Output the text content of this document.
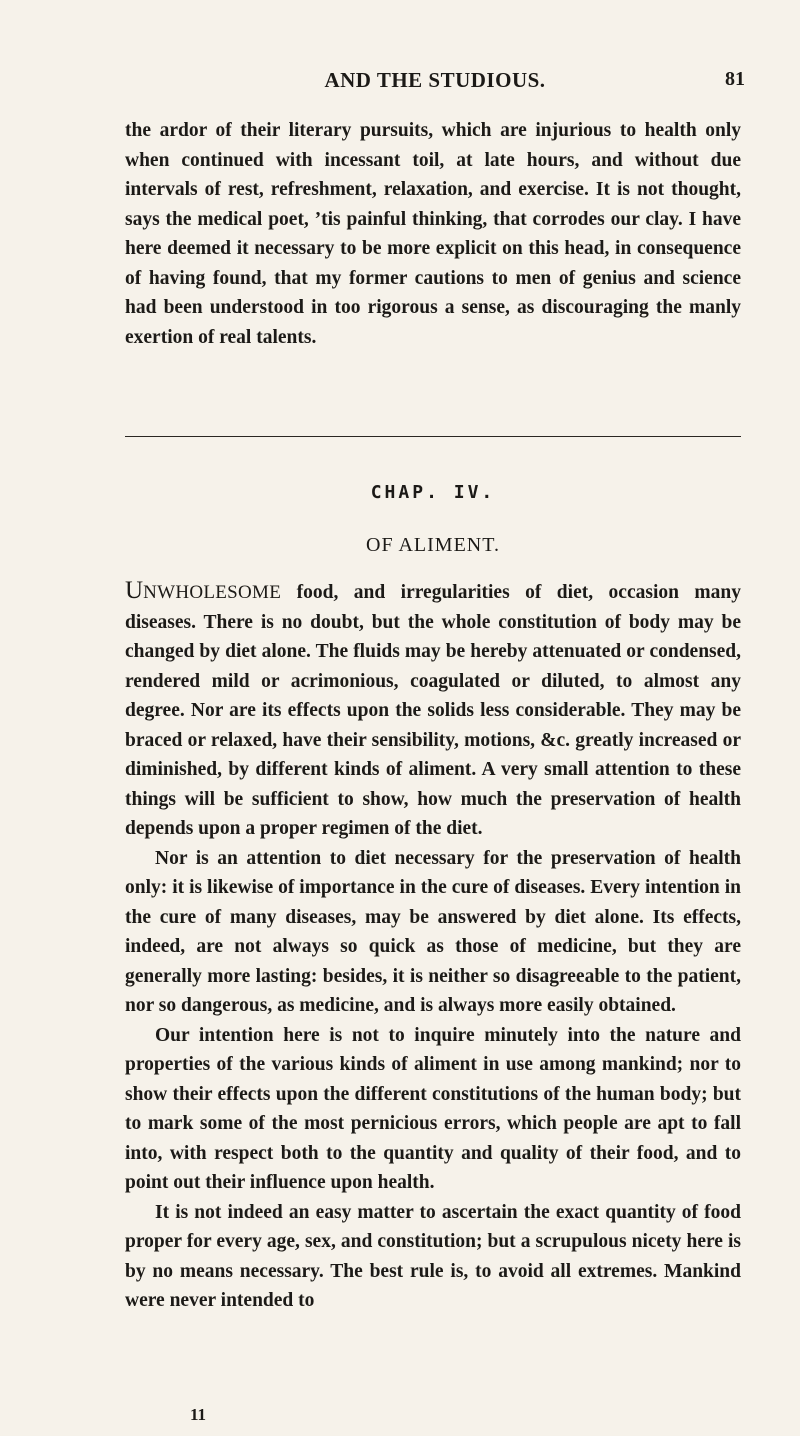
AND THE STUDIOUS.	81

the ardor of their literary pursuits, which are injurious to health only when continued with incessant toil, at late hours, and without due intervals of rest, refreshment, relaxation, and exercise. It is not thought, says the medical poet, ’tis painful thinking, that corrodes our clay. I have here deemed it necessary to be more explicit on this head, in consequence of having found, that my former cautions to men of genius and science had been understood in too rigorous a sense, as discouraging the manly exertion of real talents.

CHAP. IV.
OF ALIMENT.

UNWHOLESOME food, and irregularities of diet, occasion many diseases. There is no doubt, but the whole constitution of body may be changed by diet alone. The fluids may be hereby attenuated or condensed, rendered mild or acrimonious, coagulated or diluted, to almost any degree. Nor are its effects upon the solids less considerable. They may be braced or relaxed, have their sensibility, motions, &c. greatly increased or diminished, by different kinds of aliment. A very small attention to these things will be sufficient to show, how much the preservation of health depends upon a proper regimen of the diet.

Nor is an attention to diet necessary for the preservation of health only: it is likewise of importance in the cure of diseases. Every intention in the cure of many diseases, may be answered by diet alone. Its effects, indeed, are not always so quick as those of medicine, but they are generally more lasting: besides, it is neither so disagreeable to the patient, nor so dangerous, as medicine, and is always more easily obtained.

Our intention here is not to inquire minutely into the nature and properties of the various kinds of aliment in use among mankind; nor to show their effects upon the different constitutions of the human body; but to mark some of the most pernicious errors, which people are apt to fall into, with respect both to the quantity and quality of their food, and to point out their influence upon health.

It is not indeed an easy matter to ascertain the exact quantity of food proper for every age, sex, and constitution; but a scrupulous nicety here is by no means necessary. The best rule is, to avoid all extremes. Mankind were never intended to

11
